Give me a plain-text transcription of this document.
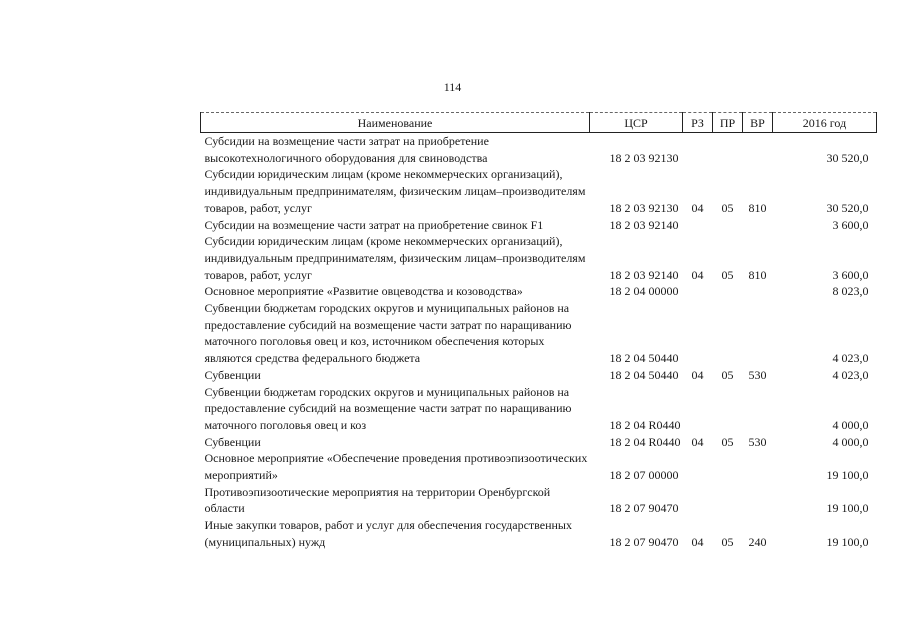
114
Наименование	ЦСР	РЗ	ПР	ВР	2016 год
Субсидии на возмещение части затрат на приобретение высокотехнологичного оборудования для свиноводства	18 2 03 92130				30 520,0
Субсидии юридическим лицам (кроме некоммерческих организаций), индивидуальным предпринимателям, физическим лицам–производителям товаров, работ, услуг	18 2 03 92130	04	05	810	30 520,0
Субсидии на возмещение части затрат на приобретение свинок F1	18 2 03 92140				3 600,0
Субсидии юридическим лицам (кроме некоммерческих организаций), индивидуальным предпринимателям, физическим лицам–производителям товаров, работ, услуг	18 2 03 92140	04	05	810	3 600,0
Основное мероприятие «Развитие овцеводства и козоводства»	18 2 04 00000				8 023,0
Субвенции бюджетам городских округов и муниципальных районов на предоставление субсидий на возмещение части затрат по наращиванию маточного поголовья овец и коз, источником обеспечения которых являются средства федерального бюджета	18 2 04 50440				4 023,0
Субвенции	18 2 04 50440	04	05	530	4 023,0
Субвенции бюджетам городских округов и муниципальных районов на предоставление субсидий на возмещение части затрат по наращиванию маточного поголовья овец и коз	18 2 04 R0440				4 000,0
Субвенции	18 2 04 R0440	04	05	530	4 000,0
Основное мероприятие «Обеспечение проведения противоэпизоотических мероприятий»	18 2 07 00000				19 100,0
Противоэпизоотические мероприятия на территории Оренбургской области	18 2 07 90470				19 100,0
Иные закупки товаров, работ и услуг для обеспечения государственных (муниципальных) нужд	18 2 07 90470	04	05	240	19 100,0
